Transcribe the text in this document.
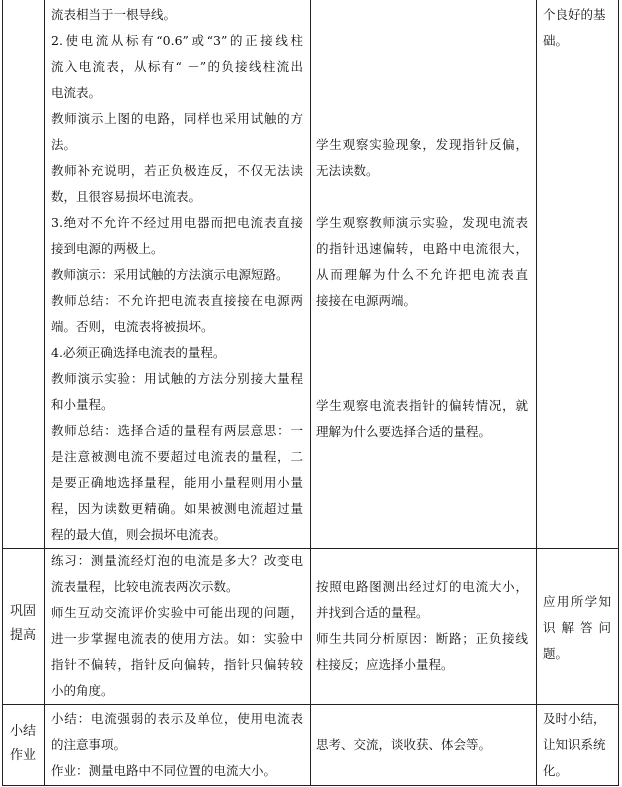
流表相当于一根导线。

2.使电流从标有“0.6”或“3”的正接线柱

流入电流表，从标有“ －”的负接线柱流出

电流表。

教师演示上图的电路，同样也采用试触的方

法。

教师补充说明，若正负极连反，不仅无法读

数，且很容易损坏电流表。

3.绝对不允许不经过用电器而把电流表直接

接到电源的两极上。

教师演示：采用试触的方法演示电源短路。

教师总结：不允许把电流表直接接在电源两

端。否则，电流表将被损坏。

4.必须正确选择电流表的量程。

教师演示实验：用试触的方法分别接大量程

和小量程。

教师总结：选择合适的量程有两层意思：一

是注意被测电流不要超过电流表的量程，二

是要正确地选择量程，能用小量程则用小量

程，因为读数更精确。如果被测电流超过量

程的最大值，则会损坏电流表。

学生观察实验现象，发现指针反偏，

无法读数。

学生观察教师演示实验，发现电流表

的指针迅速偏转，电路中电流很大，

从而理解为什么不允许把电流表直

接接在电源两端。

学生观察电流表指针的偏转情况，就

理解为什么要选择合适的量程。

个良好的基

础。

巩固

提高

练习：测量流经灯泡的电流是多大？改变电

流表量程，比较电流表两次示数。

师生互动交流评价实验中可能出现的问题，

进一步掌握电流表的使用方法。如：实验中

指针不偏转，指针反向偏转，指针只偏转较

小的角度。

按照电路图测出经过灯的电流大小，

并找到合适的量程。

师生共同分析原因：断路；正负接线

柱接反；应选择小量程。

应用所学知

识解答问

题。

小结

作业

小结：电流强弱的表示及单位，使用电流表

的注意事项。

作业：测量电路中不同位置的电流大小。

思考、交流，谈收获、体会等。

及时小结，

让知识系统

化。
